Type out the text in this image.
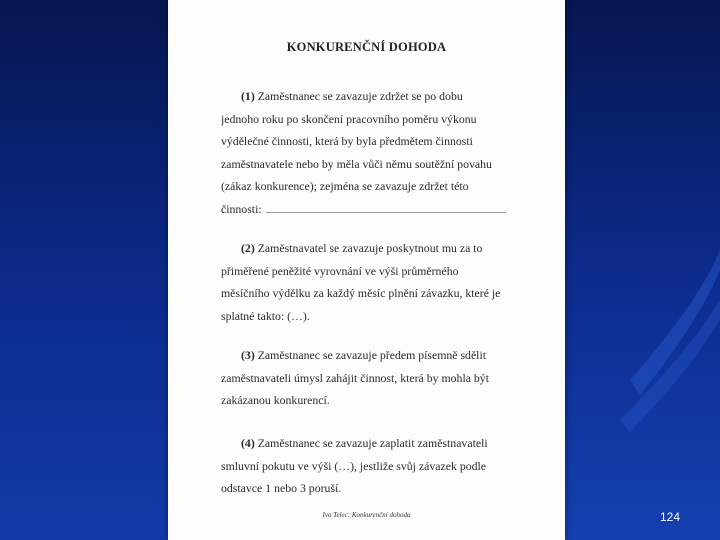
KONKURENČNÍ DOHODA
(1) Zaměstnanec se zavazuje zdržet se po dobu
jednoho roku po skončení pracovního poměru výkonu
výdělečné činnosti, která by byla předmětem činnosti
zaměstnavatele nebo by měla vůči němu soutěžní povahu
(zákaz konkurence); zejména se zavazuje zdržet této
činnosti:
(2) Zaměstnavatel se zavazuje poskytnout mu za to
přiměřené peněžité vyrovnání ve výši průměrného
měsíčního výdělku za každý měsíc plnění závazku, které je
splatné takto: (…).
(3) Zaměstnanec se zavazuje předem písemně sdělit
zaměstnavateli úmysl zahájit činnost, která by mohla být
zakázanou konkurencí.
(4) Zaměstnanec se zavazuje zaplatit zaměstnavateli
smluvní pokutu ve výši (…), jestliže svůj závazek podle
odstavce 1 nebo 3 poruší.
Ivo Telec: Konkurenční dohoda	124
